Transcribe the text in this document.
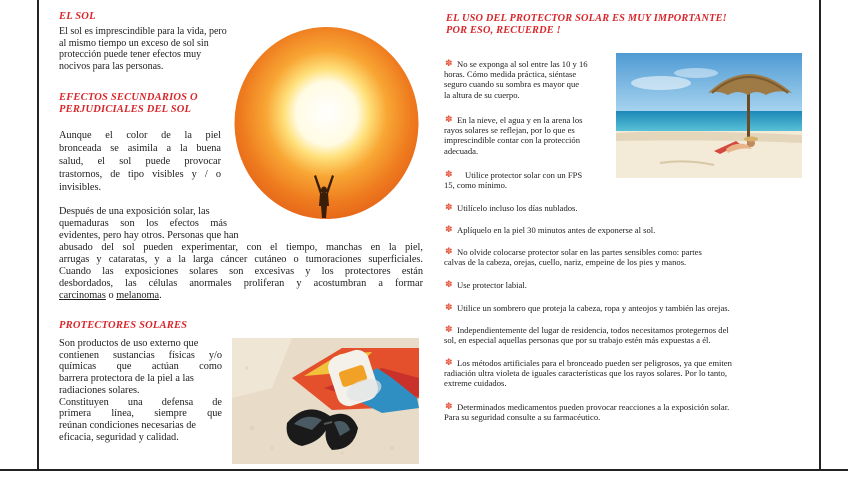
EL SOL
El sol es imprescindible para la vida, pero
al mismo tiempo un exceso de sol sin
protección puede tener efectos muy
nocivos para las personas.
EFECTOS SECUNDARIOS O
PERJUDICIALES DEL SOL
Aunque el color de la piel
bronceada se asimila a la buena
salud, el sol puede provocar
trastornos, de tipo visibles y / o
invisibles.
Después de una exposición solar, las
quemaduras son los efectos más
evidentes, pero hay otros. Personas que han
abusado del sol pueden experimentar, con el tiempo, manchas en la piel,
arrugas y cataratas, y a la larga cáncer cutáneo o tumoraciones superficiales.
Cuando las exposiciones solares son excesivas y los protectores están
desbordados, las células anormales proliferan y acostumbran a formar
carcinomas o melanoma.
PROTECTORES SOLARES
Son productos de uso externo que
contienen sustancias físicas y/o
químicas que actúan como
barrera protectora de la piel a las
radiaciones solares.
Constituyen una defensa de
primera línea, siempre que
reúnan condiciones necesarias de
eficacia, seguridad y calidad.
EL USO DEL PROTECTOR SOLAR ES MUY IMPORTANTE!
POR ESO, RECUERDE !
✽ No se exponga al sol entre las 10 y 16
horas. Cómo medida práctica, siéntase
seguro cuando su sombra es mayor que
la altura de su cuerpo.
✽ En la nieve, el agua y en la arena los
rayos solares se reflejan, por lo que es
imprescindible contar con la protección
adecuada.
✽	Utilice protector solar con un FPS
15, como mínimo.
✽ Utilícelo incluso los días nublados.
✽ Aplíquelo en la piel 30 minutos antes de exponerse al sol.
✽ No olvide colocarse protector solar en las partes sensibles como: partes
calvas de la cabeza, orejas, cuello, nariz, empeine de los pies y manos.
✽ Use protector labial.
✽ Utilice un sombrero que proteja la cabeza, ropa y anteojos y también las orejas.
✽ Independientemente del lugar de residencia, todos necesitamos protegernos del
sol, en especial aquellas personas que por su trabajo estén más expuestas a él.
✽ Los métodos artificiales para el bronceado pueden ser peligrosos, ya que emiten
radiación ultra violeta de iguales características que los rayos solares. Por lo tanto,
extreme cuidados.
✽ Determinados medicamentos pueden provocar reacciones a la exposición solar.
Para su seguridad consulte a su farmacéutico.
